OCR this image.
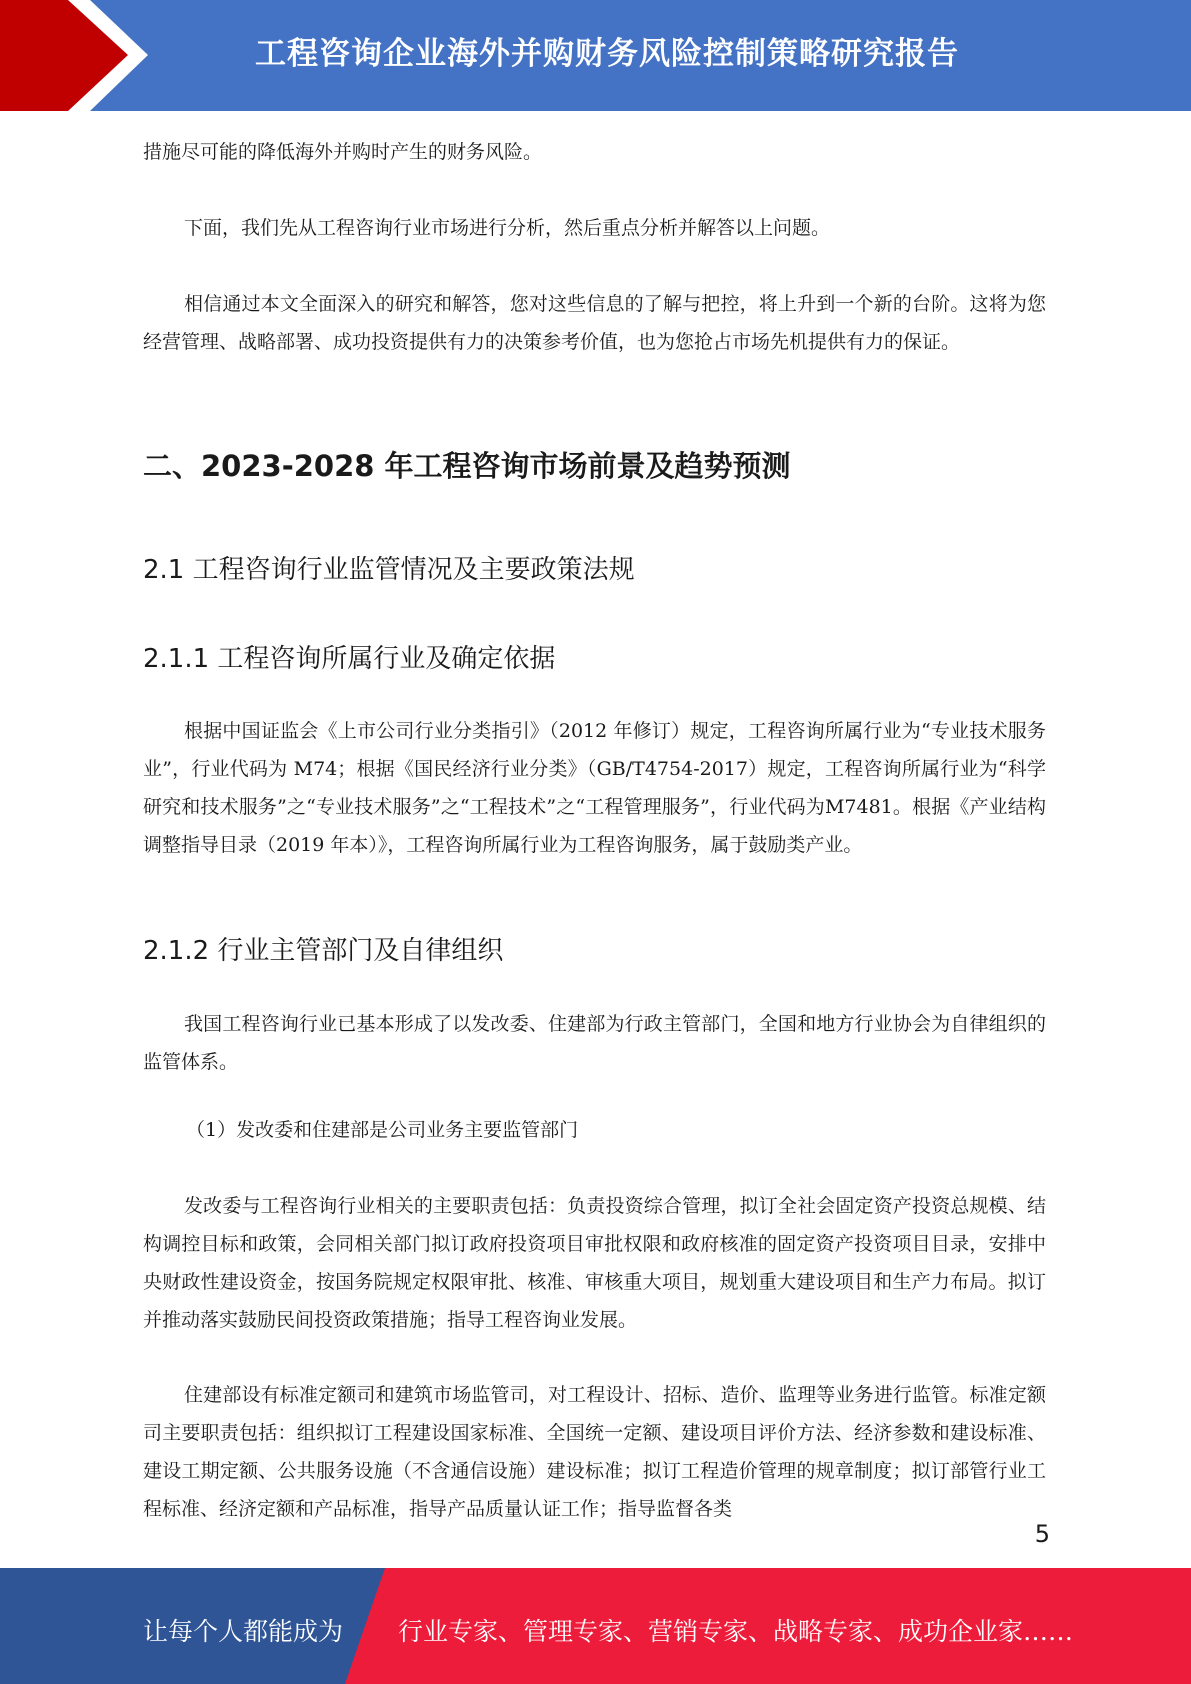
工程咨询企业海外并购财务风险控制策略研究报告

措施尽可能的降低海外并购时产生的财务风险。

下面，我们先从工程咨询行业市场进行分析，然后重点分析并解答以上问题。

相信通过本文全面深入的研究和解答，您对这些信息的了解与把控，将上升到一个新的台阶。这将为您经营管理、战略部署、成功投资提供有力的决策参考价值，也为您抢占市场先机提供有力的保证。

二、2023-2028 年工程咨询市场前景及趋势预测
2.1 工程咨询行业监管情况及主要政策法规
2.1.1 工程咨询所属行业及确定依据

根据中国证监会《上市公司行业分类指引》（2012 年修订）规定，工程咨询所属行业为“专业技术服务业”，行业代码为 M74；根据《国民经济行业分类》（GB/T4754-2017）规定，工程咨询所属行业为“科学研究和技术服务”之“专业技术服务”之“工程技术”之“工程管理服务”，行业代码为M7481。根据《产业结构调整指导目录（2019 年本）》，工程咨询所属行业为工程咨询服务，属于鼓励类产业。

2.1.2 行业主管部门及自律组织

我国工程咨询行业已基本形成了以发改委、住建部为行政主管部门，全国和地方行业协会为自律组织的监管体系。

（1）发改委和住建部是公司业务主要监管部门

发改委与工程咨询行业相关的主要职责包括：负责投资综合管理，拟订全社会固定资产投资总规模、结构调控目标和政策，会同相关部门拟订政府投资项目审批权限和政府核准的固定资产投资项目目录，安排中央财政性建设资金，按国务院规定权限审批、核准、审核重大项目，规划重大建设项目和生产力布局。拟订并推动落实鼓励民间投资政策措施；指导工程咨询业发展。

住建部设有标准定额司和建筑市场监管司，对工程设计、招标、造价、监理等业务进行监管。标准定额司主要职责包括：组织拟订工程建设国家标准、全国统一定额、建设项目评价方法、经济参数和建设标准、建设工期定额、公共服务设施（不含通信设施）建设标准；拟订工程造价管理的规章制度；拟订部管行业工程标准、经济定额和产品标准，指导产品质量认证工作；指导监督各类

5
让每个人都能成为 行业专家、管理专家、营销专家、战略专家、成功企业家……
